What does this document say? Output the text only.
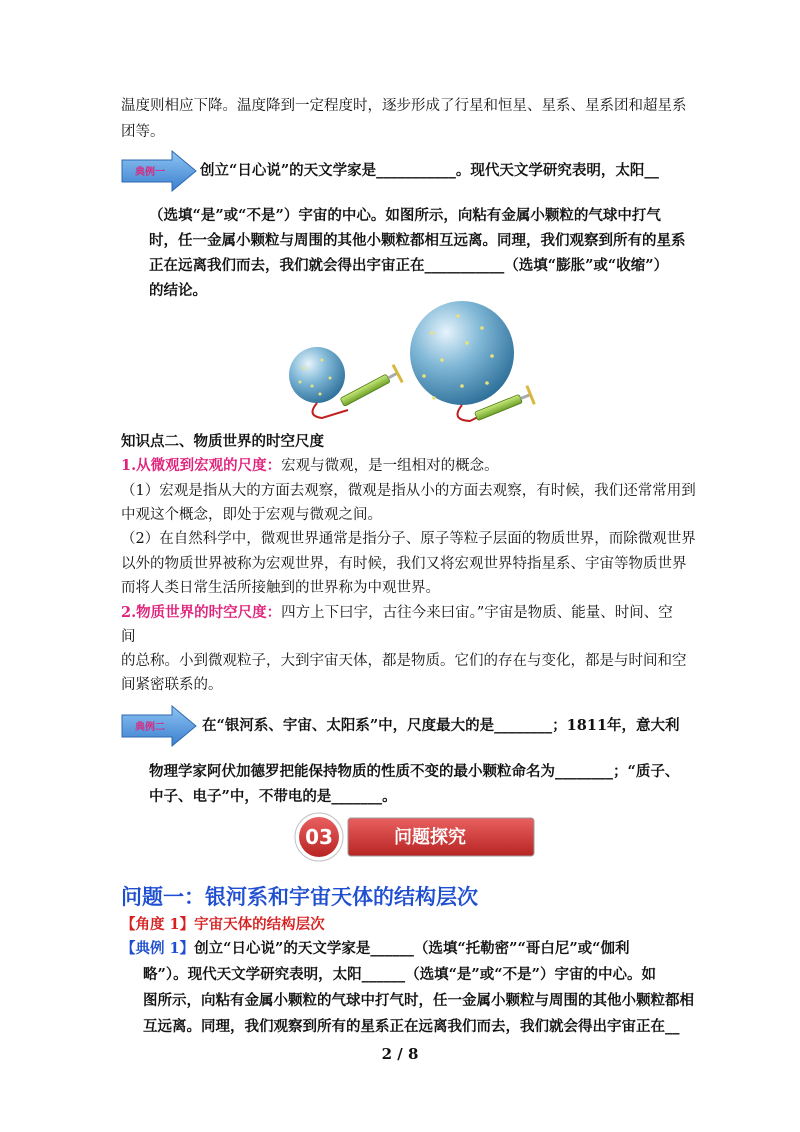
温度则相应下降。温度降到一定程度时，逐步形成了行星和恒星、星系、星系团和超星系
团等。
典例一 创立“日心说”的天文学家是___________。现代天文学研究表明，太阳__
（选填“是”或“不是”）宇宙的中心。如图所示，向粘有金属小颗粒的气球中打气
时，任一金属小颗粒与周围的其他小颗粒都相互远离。同理，我们观察到所有的星系
正在远离我们而去，我们就会得出宇宙正在___________（选填“膨胀”或“收缩”）
的结论。
知识点二、物质世界的时空尺度
1.从微观到宏观的尺度：宏观与微观，是一组相对的概念。
（1）宏观是指从大的方面去观察，微观是指从小的方面去观察，有时候，我们还常常用到
中观这个概念，即处于宏观与微观之间。
（2）在自然科学中，微观世界通常是指分子、原子等粒子层面的物质世界，而除微观世界
以外的物质世界被称为宏观世界，有时候，我们又将宏观世界特指星系、宇宙等物质世界
而将人类日常生活所接触到的世界称为中观世界。
2.物质世界的时空尺度：四方上下曰宇，古往今来曰宙。”宇宙是物质、能量、时间、空
间
的总称。小到微观粒子，大到宇宙天体，都是物质。它们的存在与变化，都是与时间和空
间紧密联系的。
典例二	在“银河系、宇宙、太阳系”中，尺度最大的是________；1811年，意大利
物理学家阿伏加德罗把能保持物质的性质不变的最小颗粒命名为________；“质子、
中子、电子”中，不带电的是_______。
03	问题探究
问题一：银河系和宇宙天体的结构层次
【角度 1】宇宙天体的结构层次
【典例 1】创立“日心说”的天文学家是______（选填“托勒密”“哥白尼”或“伽利
略”）。现代天文学研究表明，太阳______（选填“是”或“不是”）宇宙的中心。如
图所示，向粘有金属小颗粒的气球中打气时，任一金属小颗粒与周围的其他小颗粒都相
互远离。同理，我们观察到所有的星系正在远离我们而去，我们就会得出宇宙正在__
2 / 8
